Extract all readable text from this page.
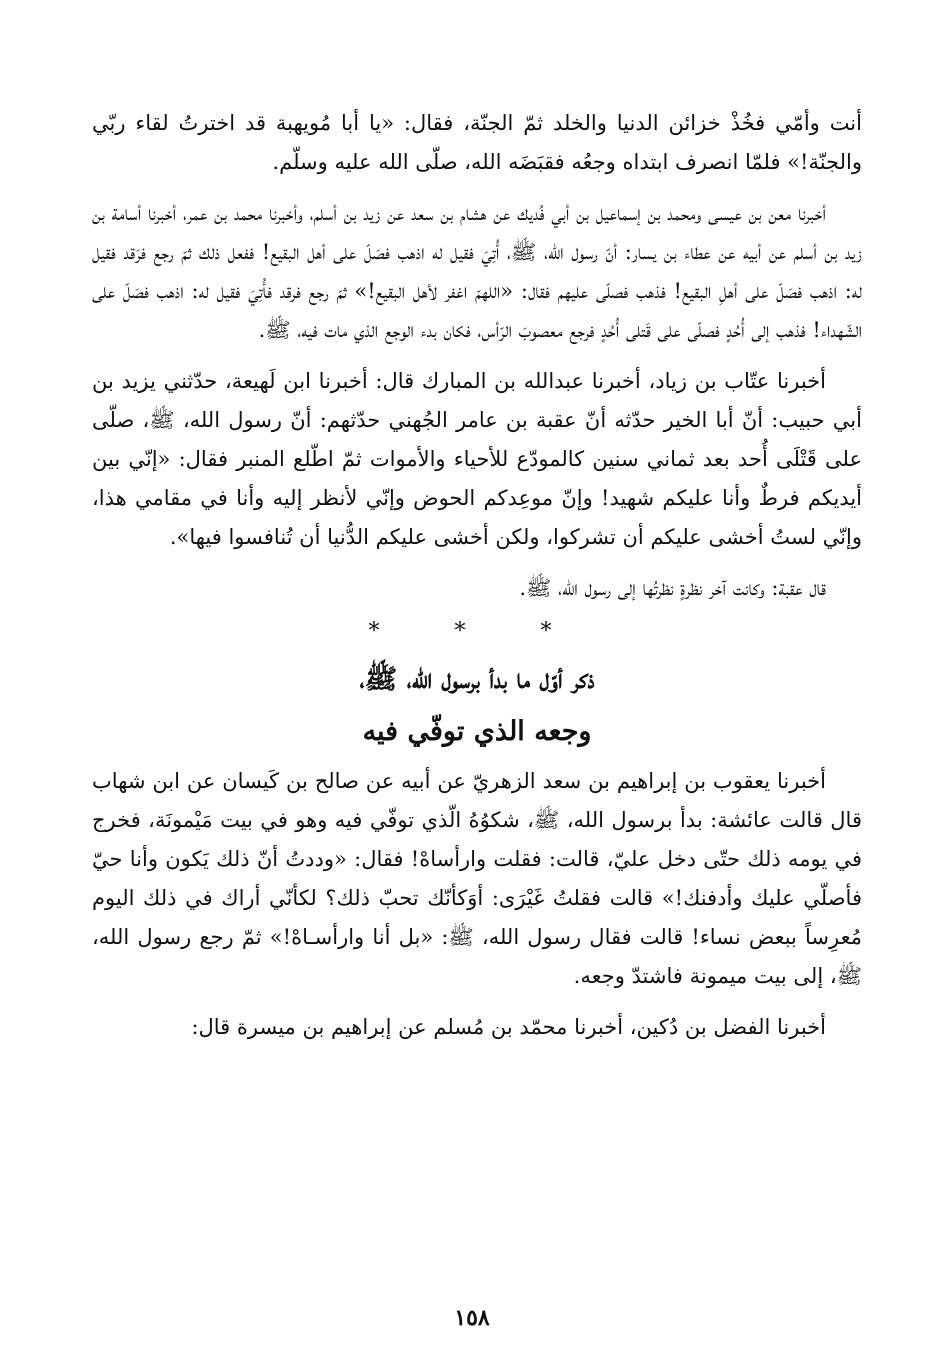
أنت وأمّي فخُذْ خزائن الدنيا والخلد ثمّ الجنّة، فقال: «يا أبا مُويهبة قد اخترتُ لقاء ربّي والجنّة!» فلمّا انصرف ابتداه وجعُه فقبَضَه الله، صلّى الله عليه وسلّم.

أخبرنا معن بن عيسى ومحمد بن إسماعيل بن أبي فُديك عن هشام بن سعد عن زيد بن أسلم، وأخبرنا محمد بن عمر، أخبرنا أسامة بن زيد بن أسلم عن أبيه عن عطاء بن يسار: أنّ رسول الله، ﷺ، أُتِيَ فقيل له اذهب فصَلّ على أهل البقيع! ففعل ذلك ثمّ رجع فرَقد فقيل له: اذهب فصَلّ على أهلِ البقيع! فذهب فصلّى عليهم فقال: «اللهمّ اغفر لأهل البقيع!» ثمّ رجع فرقد فأُتِيَ فقيل له: اذهب فصَلّ على الشّهداء! فذهب إلى أُحُدٍ فصلّى على قَتلى أُحُدٍ فرجع معصوبَ الرّأس، فكان بدء الوجع الذي مات فيه، ﷺ.

أخبرنا عتّاب بن زياد، أخبرنا عبدالله بن المبارك قال: أخبرنا ابن لَهيعة، حدّثني يزيد بن أبي حبيب: أنّ أبا الخير حدّثه أنّ عقبة بن عامر الجُهني حدّثهم: أنّ رسول الله، ﷺ، صلّى على قَتْلَى أُحد بعد ثماني سنين كالمودّع للأحياء والأموات ثمّ اطّلع المنبر فقال: «إنّي بين أيديكم فرطٌ وأنا عليكم شهيد! وإنّ موعِدكم الحوض وإنّي لأنظر إليه وأنا في مقامي هذا، وإنّي لستُ أخشى عليكم أن تشركوا، ولكن أخشى عليكم الدُّنيا أن تُنافسوا فيها».

قال عقبة: وكانت آخر نظرةٍ نظرتُها إلى رسول الله، ﷺ.

* * *
ذكر أوّل ما بدأ برسول الله، ﷺ،
وجعه الذي توفّي فيه

أخبرنا يعقوب بن إبراهيم بن سعد الزهريّ عن أبيه عن صالح بن كَيسان عن ابن شهاب قال قالت عائشة: بدأ برسول الله، ﷺ، شكوُهُ الّذي توفّي فيه وهو في بيت مَيْمونَة، فخرج في يومه ذلك حتّى دخل عليّ، قالت: فقلت وارأساهْ! فقال: «وددتُ أنّ ذلك يَكون وأنا حيّ فأصلّي عليك وأدفنك!» قالت فقلتُ غَيْرَى: أوَكأنّك تحبّ ذلك؟ لكأنّي أراك في ذلك اليوم مُعرِساً ببعض نساء! قالت فقال رسول الله، ﷺ: «بل أنا وارأسـاهْ!» ثمّ رجع رسول الله، ﷺ، إلى بيت ميمونة فاشتدّ وجعه.

أخبرنا الفضل بن دُكين، أخبرنا محمّد بن مُسلم عن إبراهيم بن ميسرة قال:

١٥٨
